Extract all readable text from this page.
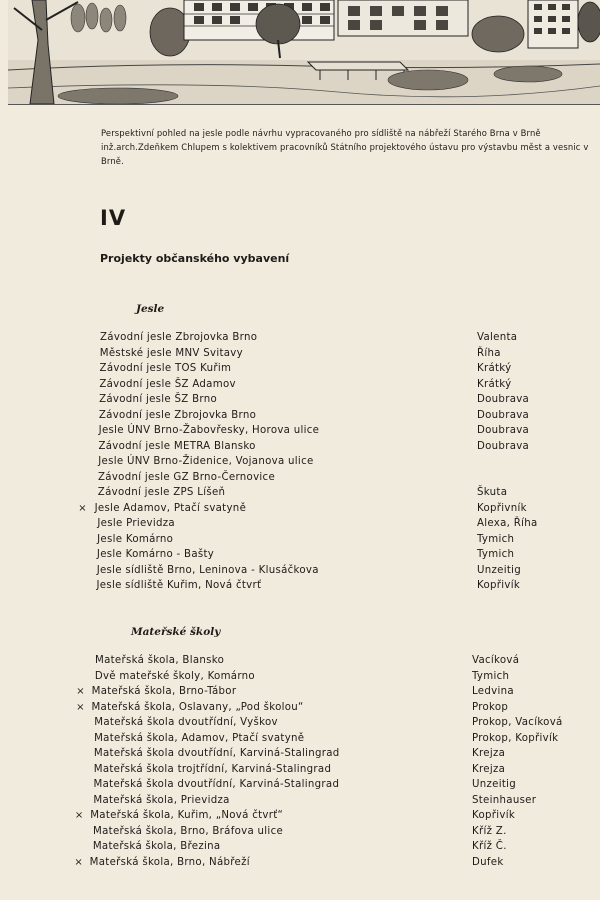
Perspektivní pohled na jesle podle návrhu vypracovaného pro sídliště na nábřeží Starého Brna v Brně inž.arch.Zdeňkem Chlupem s kolektivem pracovníků Státního projektového ústavu pro výstavbu měst a vesnic v Brně.

IV
Projekty občanského vybavení
Jesle
Závodní jesle Zbrojovka Brno	Valenta
Městské jesle MNV Svitavy	Říha
Závodní jesle TOS Kuřim	Krátký
Závodní jesle ŠZ Adamov	Krátký
Závodní jesle ŠZ Brno	Doubrava
Závodní jesle Zbrojovka Brno	Doubrava
Jesle ÚNV Brno-Žabovřesky, Horova ulice	Doubrava
Závodní jesle METRA Blansko	Doubrava
Jesle ÚNV Brno-Židenice, Vojanova ulice
Závodní jesle GZ Brno-Černovice
Závodní jesle ZPS Líšeň	Škuta
× Jesle Adamov, Ptačí svatyně	Kopřivník
Jesle Prievidza	Alexa, Říha
Jesle Komárno	Tymich
Jesle Komárno - Bašty	Tymich
Jesle sídliště Brno, Leninova - Klusáčkova	Unzeitig
Jesle sídliště Kuřim, Nová čtvrť	Kopřivík
Mateřské školy
Mateřská škola, Blansko	Vacíková
Dvě mateřské školy, Komárno	Tymich
× Mateřská škola, Brno-Tábor	Ledvina
× Mateřská škola, Oslavany, „Pod školou“	Prokop
Mateřská škola dvoutřídní, Vyškov	Prokop, Vacíková
Mateřská škola, Adamov, Ptačí svatyně	Prokop, Kopřivík
Mateřská škola dvoutřídní, Karviná-Stalingrad	Krejza
Mateřská škola trojtřídní, Karviná-Stalingrad	Krejza
Mateřská škola dvoutřídní, Karviná-Stalingrad	Unzeitig
Mateřská škola, Prievidza	Steinhauser
× Mateřská škola, Kuřim, „Nová čtvrť“	Kopřivík
Mateřská škola, Brno, Bráfova ulice	Kříž Z.
Mateřská škola, Březina	Kříž Č.
× Mateřská škola, Brno, Nábřeží	Dufek
